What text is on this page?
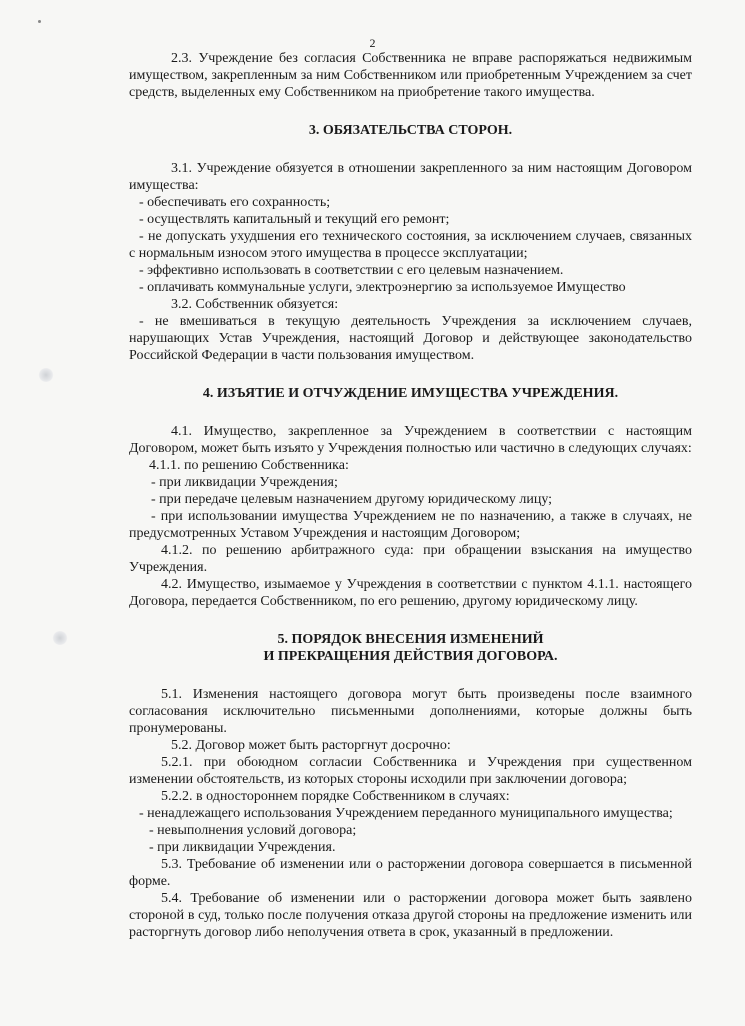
2

2.3. Учреждение без согласия Собственника не вправе распоряжаться недвижимым имуществом, закрепленным за ним Собственником или приобретенным Учреждением за счет средств, выделенных ему Собственником на приобретение такого имущества.

3. ОБЯЗАТЕЛЬСТВА СТОРОН.

3.1. Учреждение обязуется в отношении закрепленного за ним настоящим Договором имущества:

- обеспечивать его сохранность;

- осуществлять капитальный и текущий его ремонт;

- не допускать ухудшения его технического состояния, за исключением случаев, связанных с нормальным износом этого имущества в процессе эксплуатации;

- эффективно использовать в соответствии с его целевым назначением.

- оплачивать коммунальные услуги, электроэнергию за используемое Имущество

3.2. Собственник обязуется:

- не вмешиваться в текущую деятельность Учреждения за исключением случаев, нарушающих Устав Учреждения, настоящий Договор и действующее законодательство Российской Федерации в части пользования имуществом.

4. ИЗЪЯТИЕ И ОТЧУЖДЕНИЕ ИМУЩЕСТВА УЧРЕЖДЕНИЯ.

4.1. Имущество, закрепленное за Учреждением в соответствии с настоящим Договором, может быть изъято у Учреждения полностью или частично в следующих случаях:

4.1.1. по решению Собственника:

- при ликвидации Учреждения;

- при передаче целевым назначением другому юридическому лицу;

- при использовании имущества Учреждением не по назначению, а также в случаях, не предусмотренных Уставом Учреждения и настоящим Договором;

4.1.2. по решению арбитражного суда: при обращении взыскания на имущество Учреждения.

4.2. Имущество, изымаемое у Учреждения в соответствии с пунктом 4.1.1. настоящего Договора, передается Собственником, по его решению, другому юридическому лицу.

5. ПОРЯДОК ВНЕСЕНИЯ ИЗМЕНЕНИЙ
И ПРЕКРАЩЕНИЯ ДЕЙСТВИЯ ДОГОВОРА.

5.1. Изменения настоящего договора могут быть произведены после взаимного согласования исключительно письменными дополнениями, которые должны быть пронумерованы.

5.2. Договор может быть расторгнут досрочно:

5.2.1. при обоюдном согласии Собственника и Учреждения при существенном изменении обстоятельств, из которых стороны исходили при заключении договора;

5.2.2. в одностороннем порядке Собственником в случаях:

- ненадлежащего использования Учреждением переданного муниципального имущества;

- невыполнения условий договора;

- при ликвидации Учреждения.

5.3. Требование об изменении или о расторжении договора совершается в письменной форме.

5.4. Требование об изменении или о расторжении договора может быть заявлено стороной в суд, только после получения отказа другой стороны на предложение изменить или расторгнуть договор либо неполучения ответа в срок, указанный в предложении.
